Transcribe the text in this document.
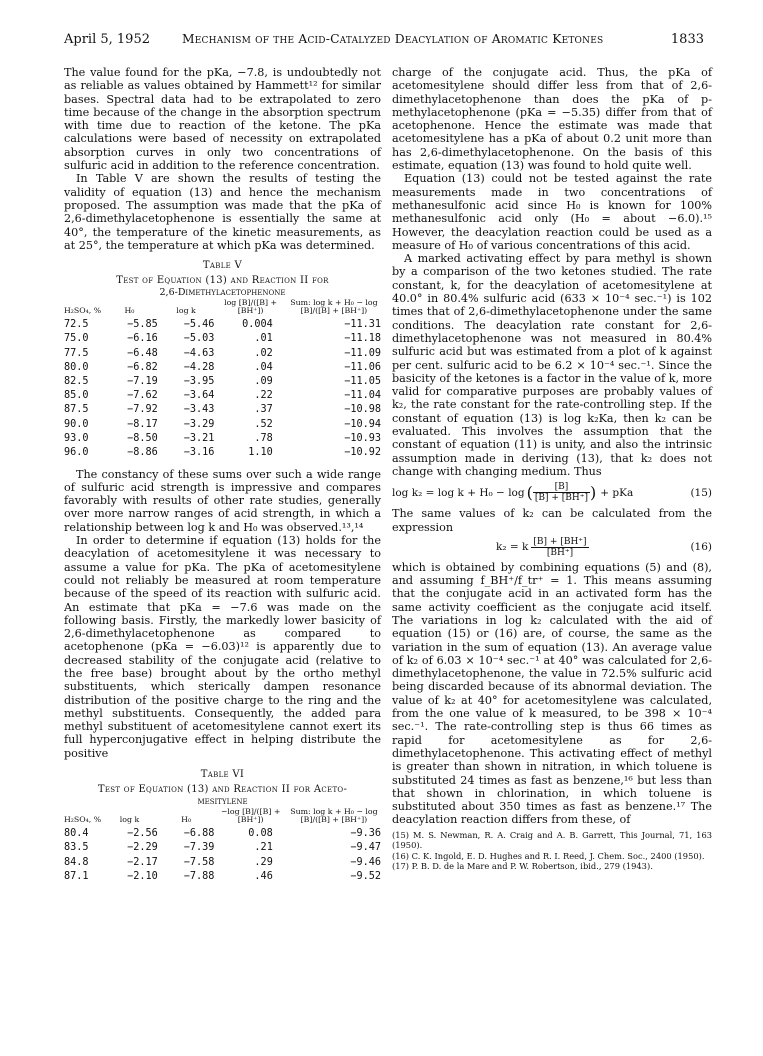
April 5, 1952	Mechanism of the Acid-Catalyzed Deacylation of Aromatic Ketones	1833

The value found for the pKa, −7.8, is undoubtedly not as reliable as values obtained by Hammett¹² for similar bases. Spectral data had to be extrapolated to zero time because of the change in the absorption spectrum with time due to reaction of the ketone. The pKa calculations were based of necessity on extrapolated absorption curves in only two concentrations of sulfuric acid in addition to the reference concentration.

In Table V are shown the results of testing the validity of equation (13) and hence the mechanism proposed. The assumption was made that the pKa of 2,6-dimethylacetophenone is essentially the same at 40°, the temperature of the kinetic measurements, as at 25°, the temperature at which pKa was determined.

Table V

Test of Equation (13) and Reaction II for

2,6-Dimethylacetophenone

H₂SO₄, %	H₀	log k	log [B]/([B] + [BH⁺])	Sum: log k + H₀ − log [B]/([B] + [BH⁺])
72.5	−5.85	−5.46	0.004	−11.31
75.0	−6.16	−5.03	.01	−11.18
77.5	−6.48	−4.63	.02	−11.09
80.0	−6.82	−4.28	.04	−11.06
82.5	−7.19	−3.95	.09	−11.05
85.0	−7.62	−3.64	.22	−11.04
87.5	−7.92	−3.43	.37	−10.98
90.0	−8.17	−3.29	.52	−10.94
93.0	−8.50	−3.21	.78	−10.93
96.0	−8.86	−3.16	1.10	−10.92

The constancy of these sums over such a wide range of sulfuric acid strength is impressive and compares favorably with results of other rate studies, generally over more narrow ranges of acid strength, in which a relationship between log k and H₀ was observed.¹³,¹⁴

In order to determine if equation (13) holds for the deacylation of acetomesitylene it was necessary to assume a value for pKa. The pKa of acetomesitylene could not reliably be measured at room temperature because of the speed of its reaction with sulfuric acid. An estimate that pKa = −7.6 was made on the following basis. Firstly, the markedly lower basicity of 2,6-dimethylacetophenone as compared to acetophenone (pKa = −6.03)¹² is apparently due to decreased stability of the conjugate acid (relative to the free base) brought about by the ortho methyl substituents, which sterically dampen resonance distribution of the positive charge to the ring and the methyl substituents. Consequently, the added para methyl substituent of acetomesitylene cannot exert its full hyperconjugative effect in helping distribute the positive

Table VI

Test of Equation (13) and Reaction II for Aceto-

mesitylene

H₂SO₄, %	log k	H₀	−log [B]/([B] + [BH⁺])	Sum: log k + H₀ − log [B]/([B] + [BH⁺])
80.4	−2.56	−6.88	0.08	−9.36
83.5	−2.29	−7.39	.21	−9.47
84.8	−2.17	−7.58	.29	−9.46
87.1	−2.10	−7.88	.46	−9.52

charge of the conjugate acid. Thus, the pKa of acetomesitylene should differ less from that of 2,6-dimethylacetophenone than does the pKa of p-methylacetophenone (pKa = −5.35) differ from that of acetophenone. Hence the estimate was made that acetomesitylene has a pKa of about 0.2 unit more than has 2,6-dimethylacetophenone. On the basis of this estimate, equation (13) was found to hold quite well.

Equation (13) could not be tested against the rate measurements made in two concentrations of methanesulfonic acid since H₀ is known for 100% methanesulfonic acid only (H₀ = about −6.0).¹⁵ However, the deacylation reaction could be used as a measure of H₀ of various concentrations of this acid.

A marked activating effect by para methyl is shown by a comparison of the two ketones studied. The rate constant, k, for the deacylation of acetomesitylene at 40.0° in 80.4% sulfuric acid (633 × 10⁻⁴ sec.⁻¹) is 102 times that of 2,6-dimethylacetophenone under the same conditions. The deacylation rate constant for 2,6-dimethylacetophenone was not measured in 80.4% sulfuric acid but was estimated from a plot of k against per cent. sulfuric acid to be 6.2 × 10⁻⁴ sec.⁻¹. Since the basicity of the ketones is a factor in the value of k, more valid for comparative purposes are probably values of k₂, the rate constant for the rate-controlling step. If the constant of equation (13) is log k₂Ka, then k₂ can be evaluated. This involves the assumption that the constant of equation (11) is unity, and also the intrinsic assumption made in deriving (13), that k₂ does not change with changing medium. Thus

log k₂ = log k + H₀ − log ( $\frac{[B]}{[B] + [BH^+]}$ ) + pKa	(15)

The same values of k₂ can be calculated from the expression

k₂ = k $\frac{[B] + [BH^+]}{[BH^+]}$	(16)

which is obtained by combining equations (5) and (8), and assuming f_BH⁺/f_tr⁺ = 1. This means assuming that the conjugate acid in an activated form has the same activity coefficient as the conjugate acid itself. The variations in log k₂ calculated with the aid of equation (15) or (16) are, of course, the same as the variation in the sum of equation (13). An average value of k₂ of 6.03 × 10⁻⁴ sec.⁻¹ at 40° was calculated for 2,6-dimethylacetophenone, the value in 72.5% sulfuric acid being discarded because of its abnormal deviation. The value of k₂ at 40° for acetomesitylene was calculated, from the one value of k measured, to be 398 × 10⁻⁴ sec.⁻¹. The rate-controlling step is thus 66 times as rapid for acetomesitylene as for 2,6-dimethylacetophenone. This activating effect of methyl is greater than shown in nitration, in which toluene is substituted 24 times as fast as benzene,¹⁶ but less than that shown in chlorination, in which toluene is substituted about 350 times as fast as benzene.¹⁷ The deacylation reaction differs from these, of

(15) M. S. Newman, R. A. Craig and A. B. Garrett, This Journal, 71, 163 (1950).

(16) C. K. Ingold, E. D. Hughes and R. I. Reed, J. Chem. Soc., 2400 (1950).

(17) P. B. D. de la Mare and P. W. Robertson, ibid., 279 (1943).
